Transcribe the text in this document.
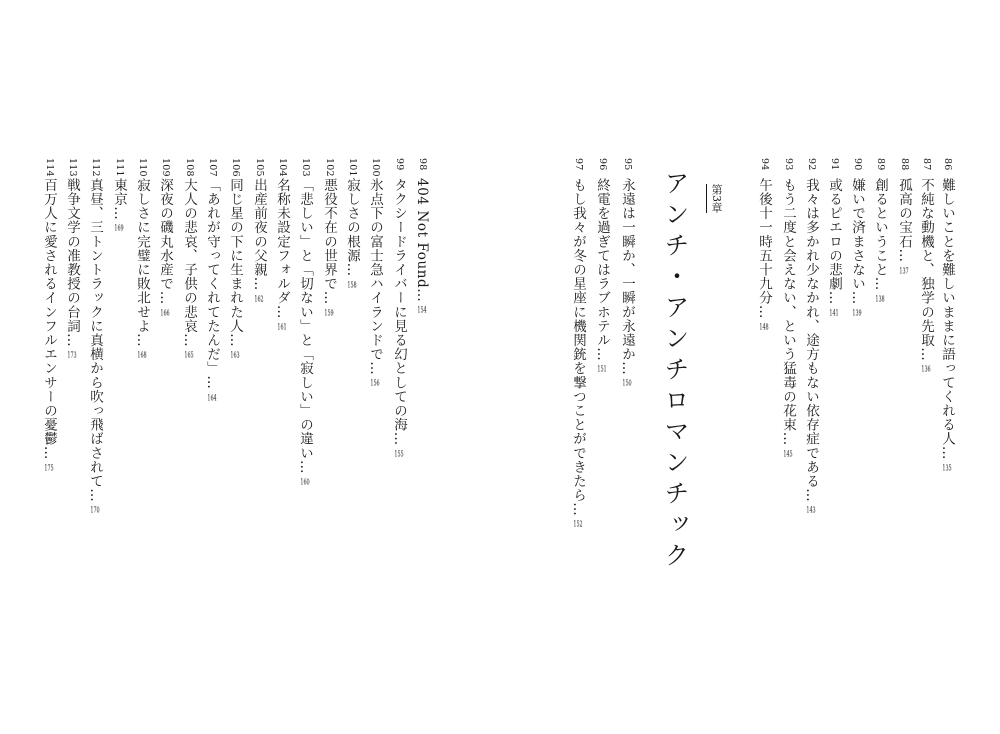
86
難しいことを難しいままに語ってくれる人…135
87
不純な動機と、独学の先取…136
88
孤高の宝石…137
89
創るということ…138
90
嫌いで済まさない…139
91
或るピエロの悲劇…141
92
我々は多かれ少なかれ、途方もない依存症である…143
93
もう二度と会えない、という猛毒の花束…145
94
午後十一時五十九分…148
第3章
アンチ・アンチロマンチック
95
永遠は一瞬か、一瞬が永遠か…150
96
終電を過ぎてはラブホテル…151
97
もし我々が冬の星座に機関銃を撃つことができたら…152
98
404 Not Found…154
99
タクシードライバーに見る幻としての海…155
100
氷点下の富士急ハイランドで…156
101
寂しさの根源…158
102
悪役不在の世界で…159
103
「悲しい」と「切ない」と「寂しい」の違い…160
104
名称未設定フォルダ…161
105
出産前夜の父親…162
106
同じ星の下に生まれた人…163
107
「あれが守ってくれてたんだ」…164
108
大人の悲哀、子供の悲哀…165
109
深夜の磯丸水産で…166
110
寂しさに完璧に敗北せよ…168
111
東京…169
112
真昼、三トントラックに真横から吹っ飛ばされて…170
113
戦争文学の准教授の台詞…173
114
百万人に愛されるインフルエンサーの憂鬱…175
